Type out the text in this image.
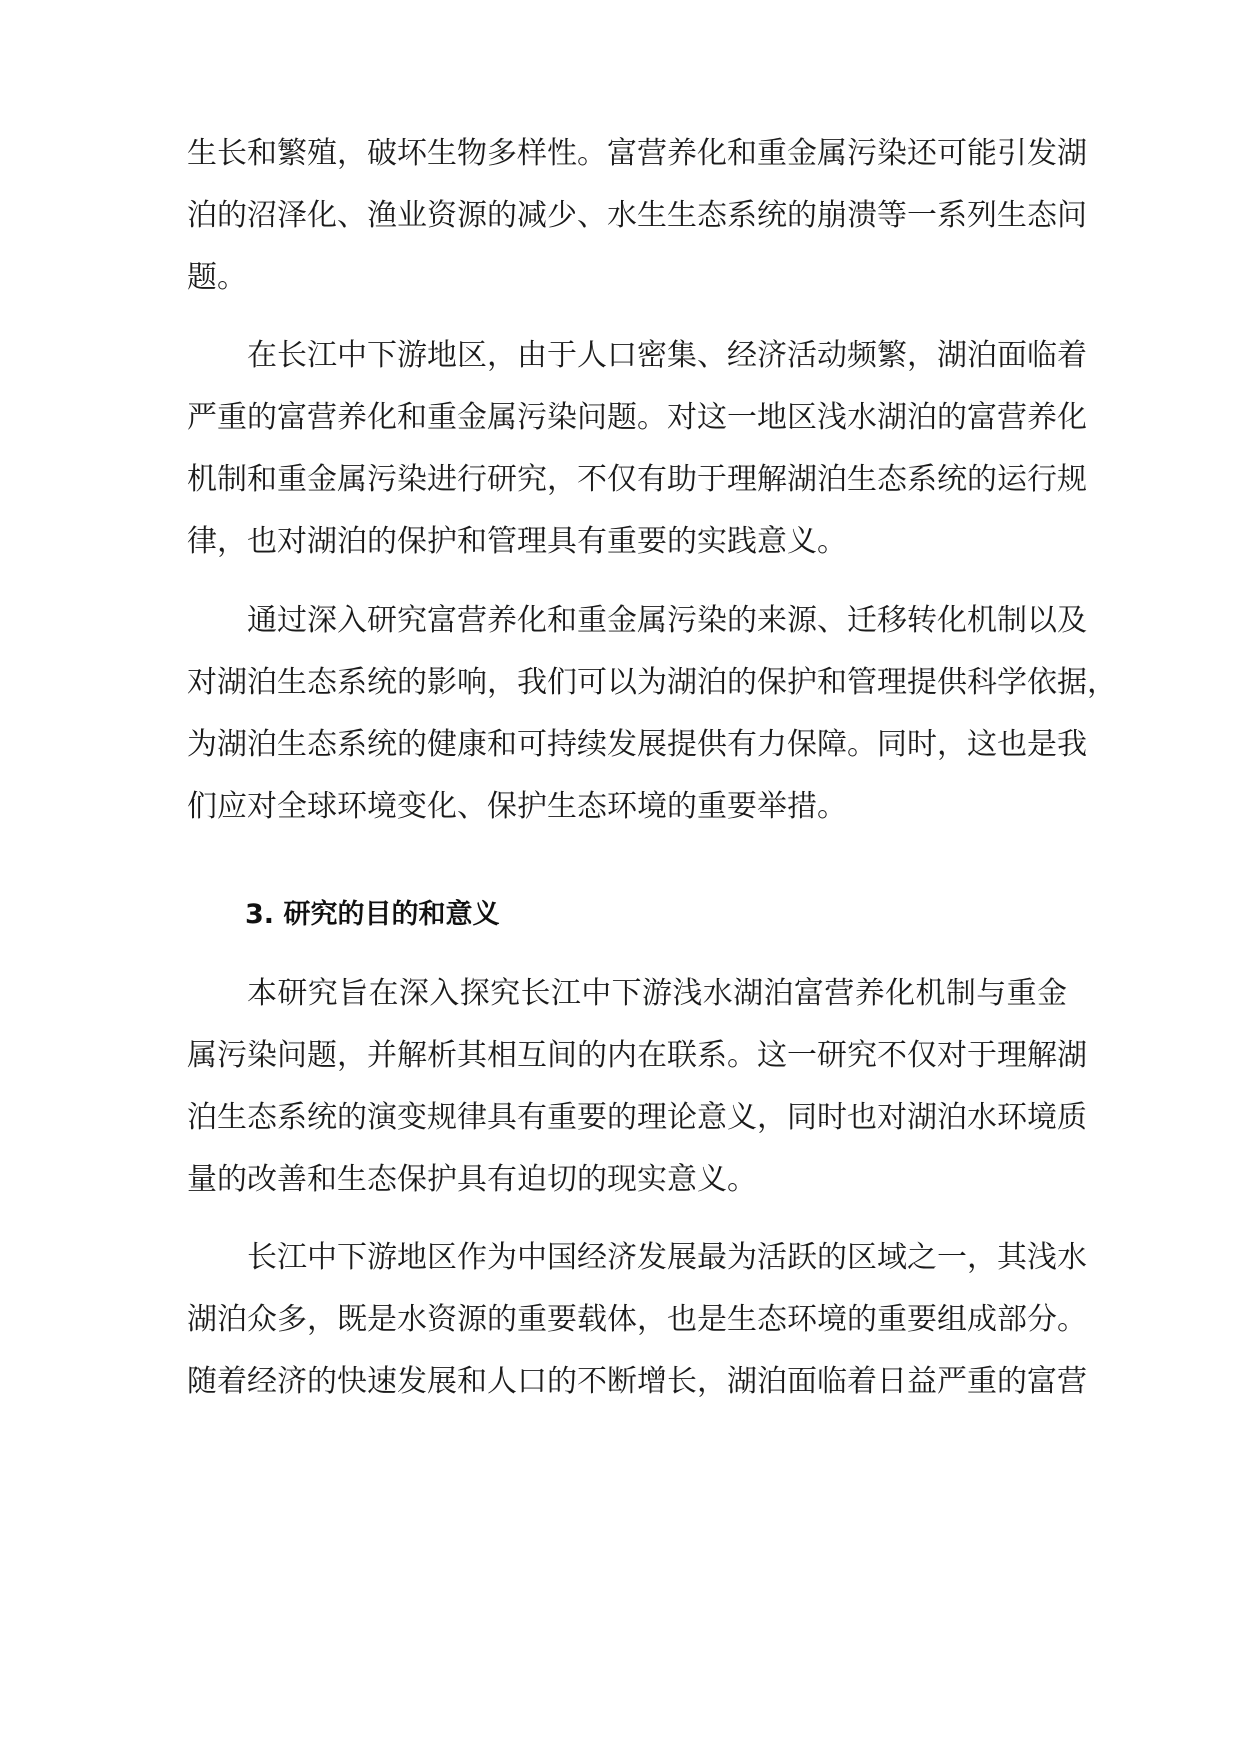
生长和繁殖，破坏生物多样性。富营养化和重金属污染还可能引发湖
泊的沼泽化、渔业资源的减少、水生生态系统的崩溃等一系列生态问
题。
在长江中下游地区，由于人口密集、经济活动频繁，湖泊面临着
严重的富营养化和重金属污染问题。对这一地区浅水湖泊的富营养化
机制和重金属污染进行研究，不仅有助于理解湖泊生态系统的运行规
律，也对湖泊的保护和管理具有重要的实践意义。
通过深入研究富营养化和重金属污染的来源、迁移转化机制以及
对湖泊生态系统的影响，我们可以为湖泊的保护和管理提供科学依据，
为湖泊生态系统的健康和可持续发展提供有力保障。同时，这也是我
们应对全球环境变化、保护生态环境的重要举措。
3. 研究的目的和意义
本研究旨在深入探究长江中下游浅水湖泊富营养化机制与重金
属污染问题，并解析其相互间的内在联系。这一研究不仅对于理解湖
泊生态系统的演变规律具有重要的理论意义，同时也对湖泊水环境质
量的改善和生态保护具有迫切的现实意义。
长江中下游地区作为中国经济发展最为活跃的区域之一，其浅水
湖泊众多，既是水资源的重要载体，也是生态环境的重要组成部分。
随着经济的快速发展和人口的不断增长，湖泊面临着日益严重的富营
